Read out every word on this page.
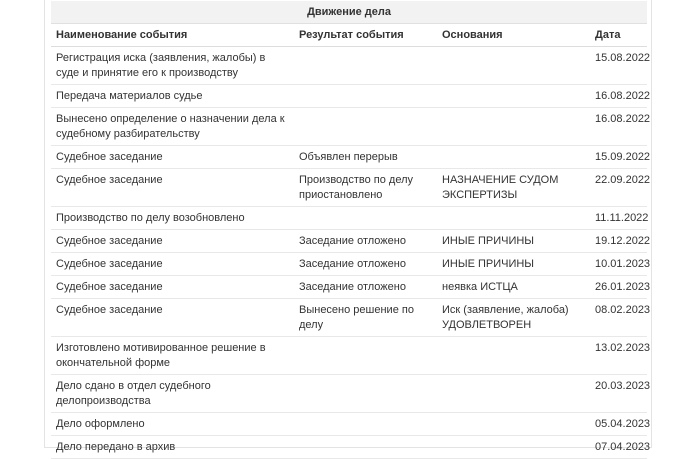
Движение дела			
Наименование события	Результат события	Основания	Дата
Регистрация иска (заявления, жалобы) в суде и принятие его к производству			15.08.2022
Передача материалов судье			16.08.2022
Вынесено определение о назначении дела к судебному разбирательству			16.08.2022
Судебное заседание	Объявлен перерыв		15.09.2022
Судебное заседание	Производство по делу приостановлено	НАЗНАЧЕНИЕ СУДОМ ЭКСПЕРТИЗЫ	22.09.2022
Производство по делу возобновлено			11.11.2022
Судебное заседание	Заседание отложено	ИНЫЕ ПРИЧИНЫ	19.12.2022
Судебное заседание	Заседание отложено	ИНЫЕ ПРИЧИНЫ	10.01.2023
Судебное заседание	Заседание отложено	неявка ИСТЦА	26.01.2023
Судебное заседание	Вынесено решение по делу	Иск (заявление, жалоба) УДОВЛЕТВОРЕН	08.02.2023
Изготовлено мотивированное решение в окончательной форме			13.02.2023
Дело сдано в отдел судебного делопроизводства			20.03.2023
Дело оформлено			05.04.2023
Дело передано в архив			07.04.2023
